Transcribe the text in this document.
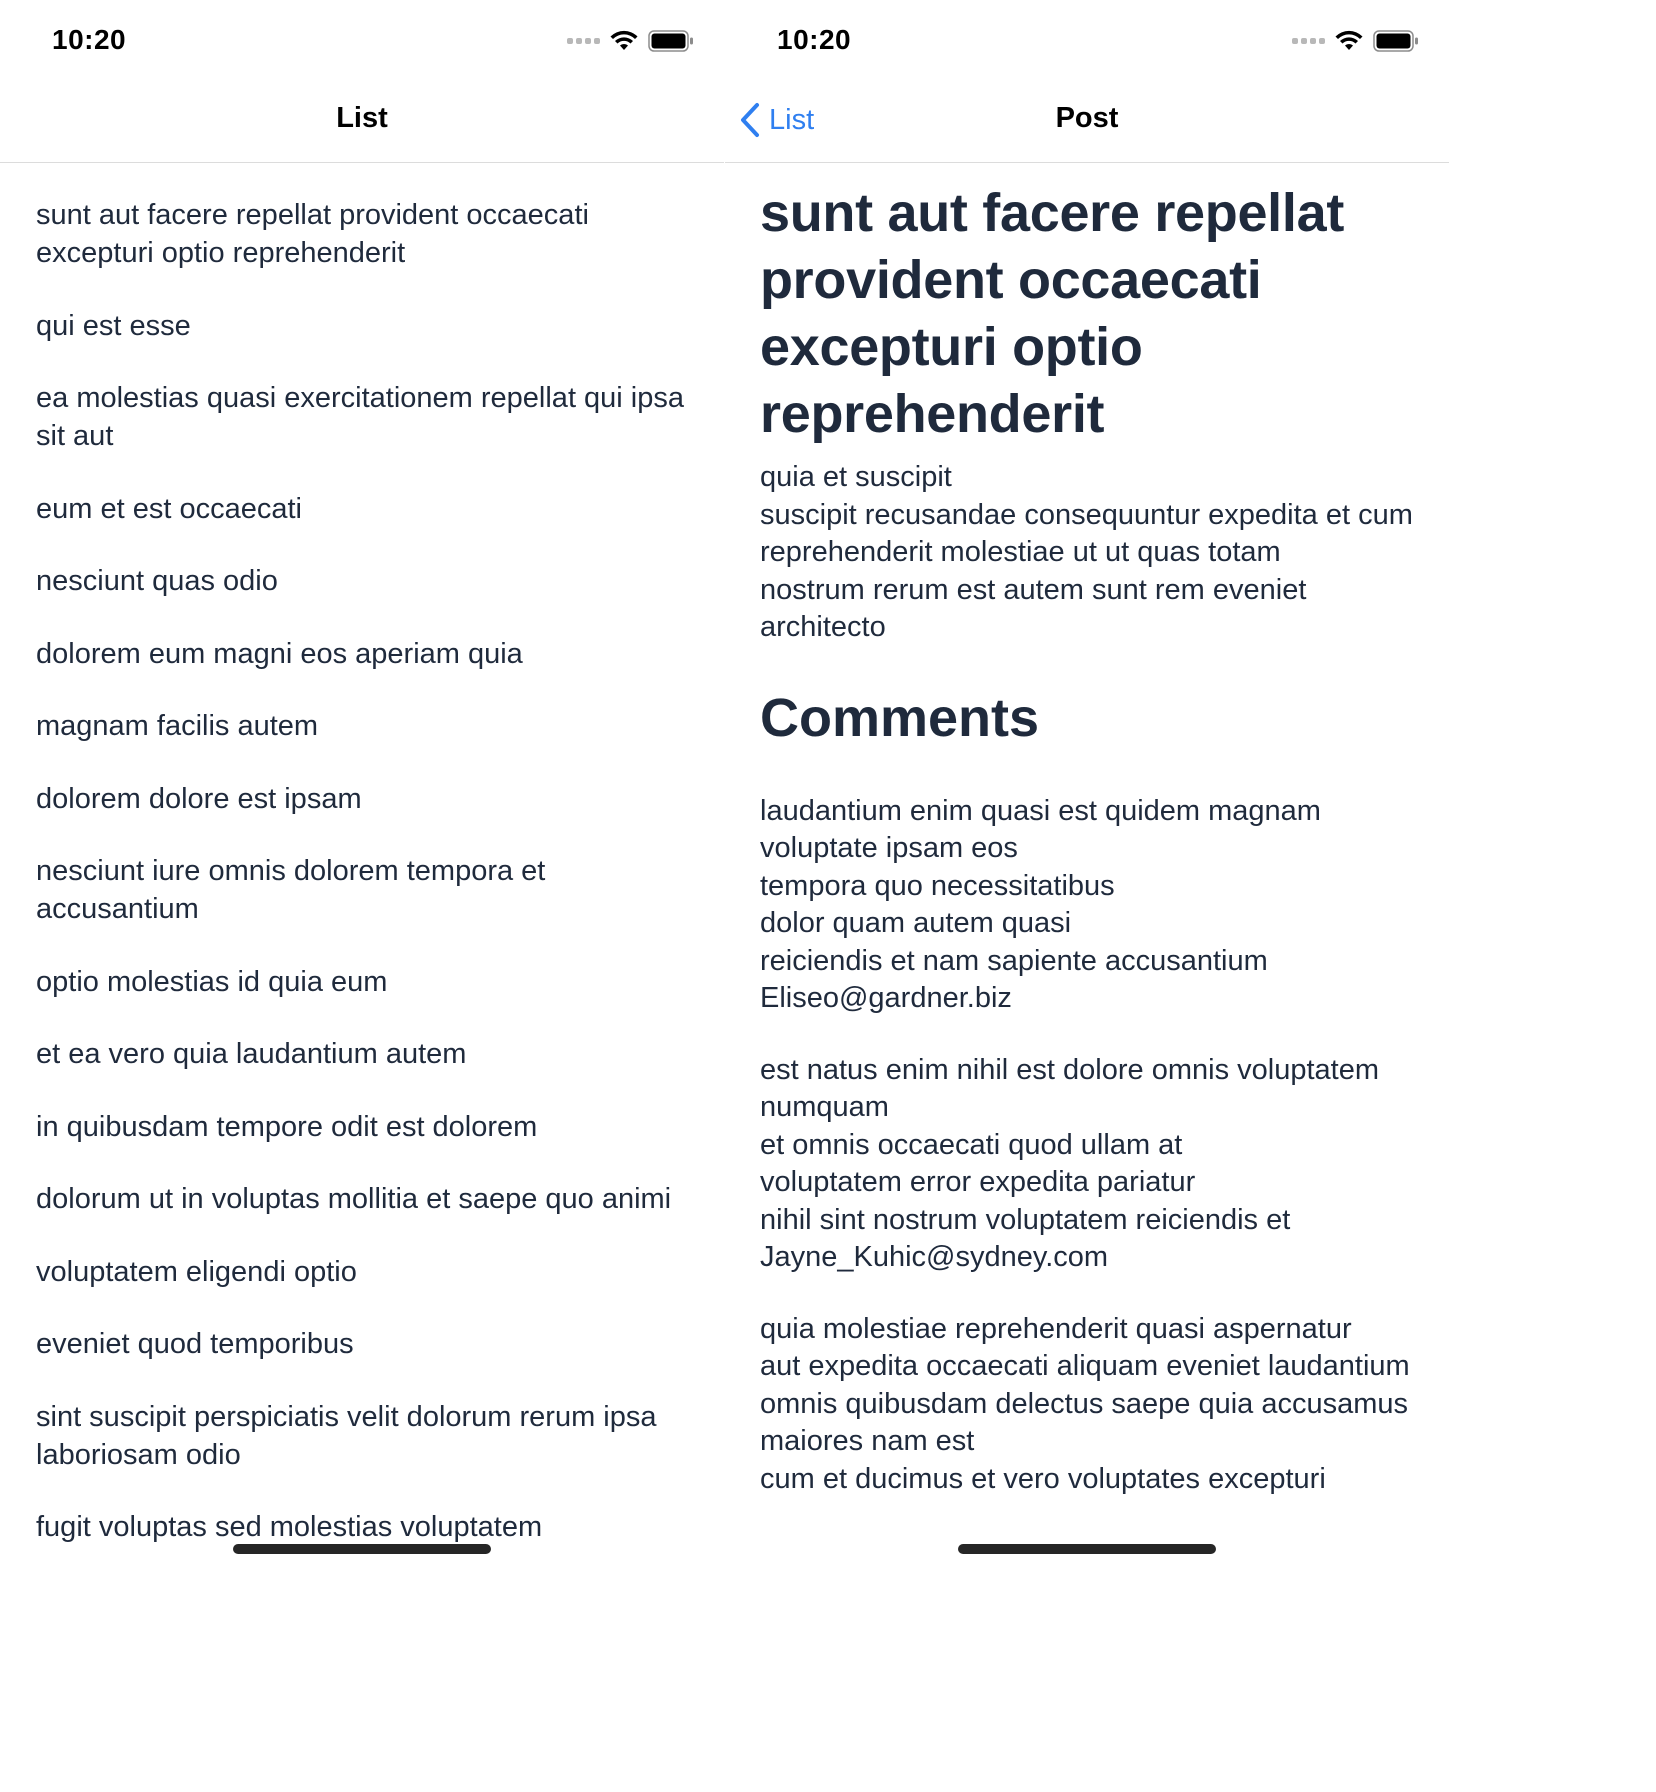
10:20
List
sunt aut facere repellat provident occaecati excepturi optio reprehenderit
qui est esse
ea molestias quasi exercitationem repellat qui ipsa sit aut
eum et est occaecati
nesciunt quas odio
dolorem eum magni eos aperiam quia
magnam facilis autem
dolorem dolore est ipsam
nesciunt iure omnis dolorem tempora et accusantium
optio molestias id quia eum
et ea vero quia laudantium autem
in quibusdam tempore odit est dolorem
dolorum ut in voluptas mollitia et saepe quo animi
voluptatem eligendi optio
eveniet quod temporibus
sint suscipit perspiciatis velit dolorum rerum ipsa laboriosam odio
fugit voluptas sed molestias voluptatem
10:20
List	Post
sunt aut facere repellat provident occaecati excepturi optio reprehenderit

quia et suscipit
suscipit recusandae consequuntur expedita et cum
reprehenderit molestiae ut ut quas totam
nostrum rerum est autem sunt rem eveniet architecto

Comments
laudantium enim quasi est quidem magnam voluptate ipsam eos
tempora quo necessitatibus
dolor quam autem quasi
reiciendis et nam sapiente accusantium
Eliseo@gardner.biz
est natus enim nihil est dolore omnis voluptatem numquam
et omnis occaecati quod ullam at
voluptatem error expedita pariatur
nihil sint nostrum voluptatem reiciendis et
Jayne_Kuhic@sydney.com
quia molestiae reprehenderit quasi aspernatur
aut expedita occaecati aliquam eveniet laudantium
omnis quibusdam delectus saepe quia accusamus maiores nam est
cum et ducimus et vero voluptates excepturi
